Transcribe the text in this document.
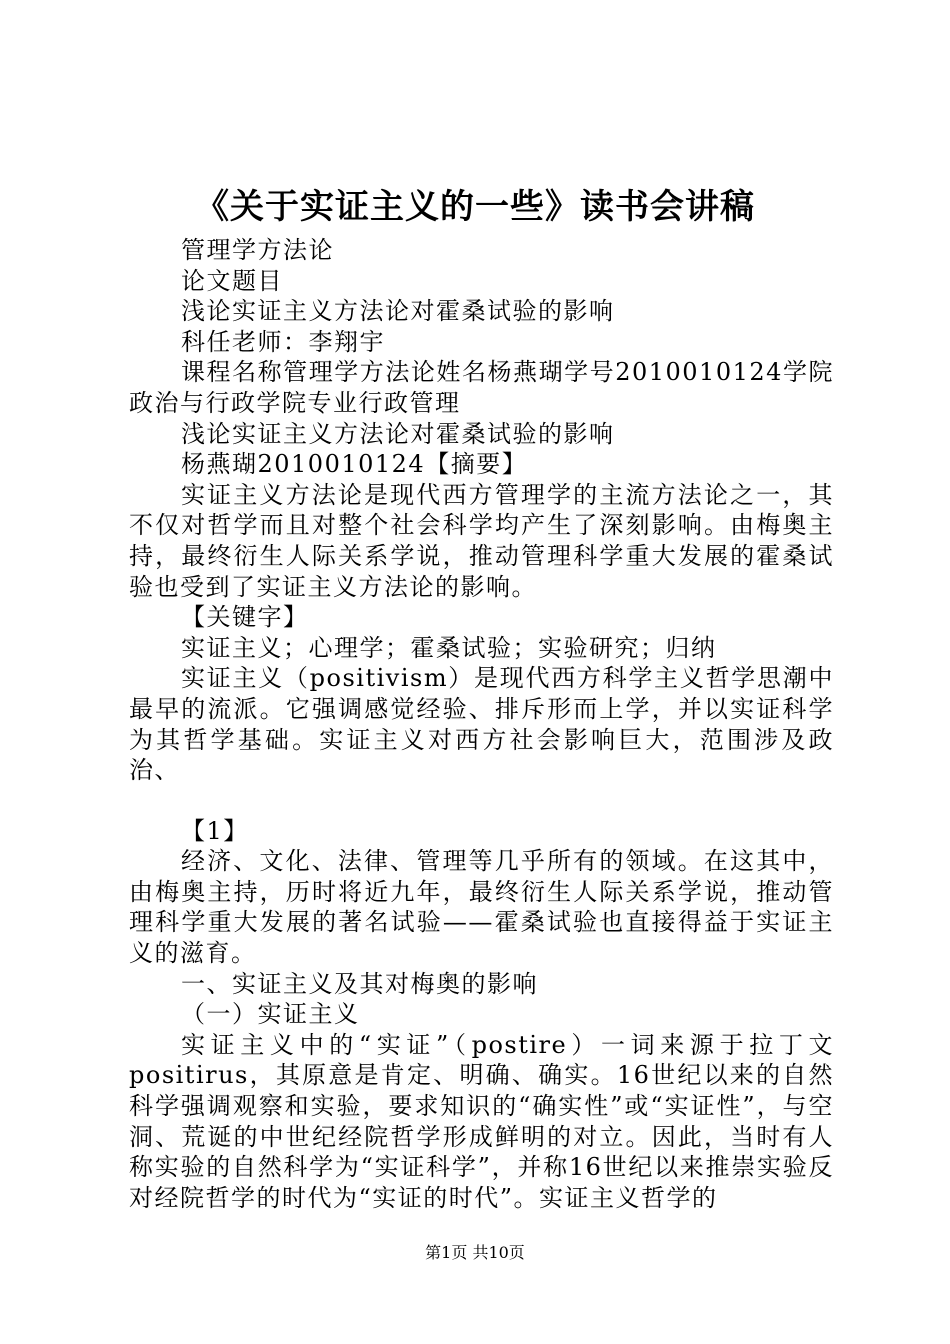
《关于实证主义的一些》读书会讲稿

管理学方法论

论文题目

浅论实证主义方法论对霍桑试验的影响

科任老师：李翔宇

课程名称管理学方法论姓名杨燕瑚学号2010010124学院政治与行政学院专业行政管理

浅论实证主义方法论对霍桑试验的影响

杨燕瑚2010010124【摘要】

实证主义方法论是现代西方管理学的主流方法论之一，其不仅对哲学而且对整个社会科学均产生了深刻影响。由梅奥主持，最终衍生人际关系学说，推动管理科学重大发展的霍桑试验也受到了实证主义方法论的影响。

【关键字】

实证主义；心理学；霍桑试验；实验研究；归纳

实证主义（positivism）是现代西方科学主义哲学思潮中最早的流派。它强调感觉经验、排斥形而上学，并以实证科学为其哲学基础。实证主义对西方社会影响巨大，范围涉及政治、

【1】

经济、文化、法律、管理等几乎所有的领域。在这其中，由梅奥主持，历时将近九年，最终衍生人际关系学说，推动管理科学重大发展的著名试验——霍桑试验也直接得益于实证主义的滋育。

一、实证主义及其对梅奥的影响

（一）实证主义

实证主义中的“实证”（postire）一词来源于拉丁文positirus，其原意是肯定、明确、确实。16世纪以来的自然科学强调观察和实验，要求知识的“确实性”或“实证性”，与空洞、荒诞的中世纪经院哲学形成鲜明的对立。因此，当时有人称实验的自然科学为“实证科学”，并称16世纪以来推崇实验反对经院哲学的时代为“实证的时代”。实证主义哲学的

第1页 共10页
